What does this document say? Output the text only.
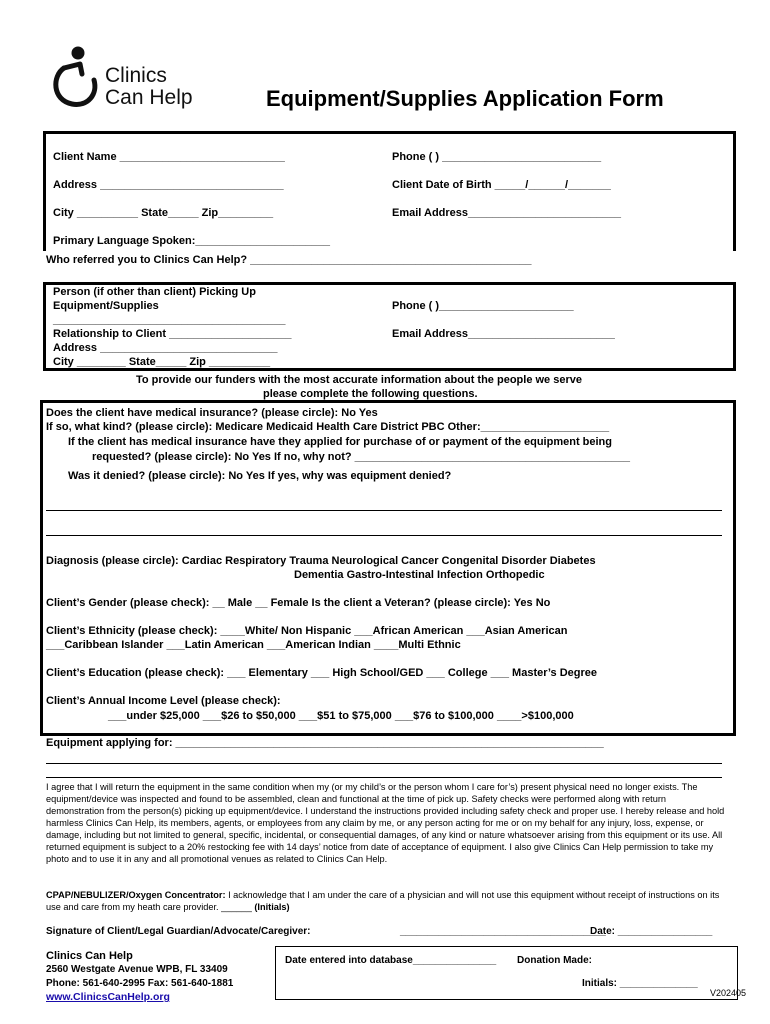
Clinics
Can Help	Equipment/Supplies Application Form
Client Name ___________________________	Phone ( ) __________________________
Address ______________________________	Client Date of Birth _____/______/_______
City __________ State_____ Zip_________	Email Address_________________________
Primary Language Spoken:______________________
Who referred you to Clinics Can Help? ______________________________________________
Person (if other than client) Picking Up
Equipment/Supplies
______________________________________
Relationship to Client ____________________
Address _____________________________
City ________ State_____ Zip __________
Phone ( )______________________
Email Address________________________
To provide our funders with the most accurate information about the people we serve
please complete the following questions.
Does the client have medical insurance? (please circle): No Yes
If so, what kind? (please circle): Medicare Medicaid Health Care District PBC Other:_____________________
If the client has medical insurance have they applied for purchase of or payment of the equipment being
requested? (please circle): No Yes If no, why not? _____________________________________________
Was it denied? (please circle): No Yes If yes, why was equipment denied?
Diagnosis (please circle): Cardiac Respiratory Trauma Neurological Cancer Congenital Disorder Diabetes
Dementia Gastro-Intestinal Infection Orthopedic
Client’s Gender (please check): __ Male __ Female Is the client a Veteran? (please circle): Yes No
Client’s Ethnicity (please check): ____White/ Non Hispanic ___African American ___Asian American
___Caribbean Islander ___Latin American ___American Indian ____Multi Ethnic
Client’s Education (please check): ___ Elementary ___ High School/GED ___ College ___ Master’s Degree
Client’s Annual Income Level (please check):
___under $25,000 ___$26 to $50,000 ___$51 to $75,000 ___$76 to $100,000 ____>$100,000
Equipment applying for: ______________________________________________________________________
I agree that I will return the equipment in the same condition when my (or my child’s or the person whom I care for’s) present physical need no longer exists. The equipment/device was inspected and found to be assembled, clean and functional at the time of pick up. Safety checks were performed along with return demonstration from the person(s) picking up equipment/device. I understand the instructions provided including safety check and proper use. I hereby release and hold harmless Clinics Can Help, its members, agents, or employees from any claim by me, or any person acting for me or on my behalf for any injury, loss, expense, or damage, including but not limited to general, specific, incidental, or consequential damages, of any kind or nature whatsoever arising from this equipment or its use. All returned equipment is subject to a 20% restocking fee with 14 days’ notice from date of acceptance of equipment. I also give Clinics Can Help permission to take my photo and to use it in any and all promotional venues as related to Clinics Can Help.
CPAP/NEBULIZER/Oxygen Concentrator: I acknowledge that I am under the care of a physician and will not use this equipment without receipt of instructions on its use and care from my heath care provider. ______ (Initials)
Signature of Client/Legal Guardian/Advocate/Caregiver:	_____________________________________
Date: _________________
Clinics Can Help
2560 Westgate Avenue WPB, FL 33409
Phone: 561-640-2995 Fax: 561-640-1881
www.ClinicsCanHelp.org
Date entered into database_______________ Donation Made:
Initials: ______________
V202405
